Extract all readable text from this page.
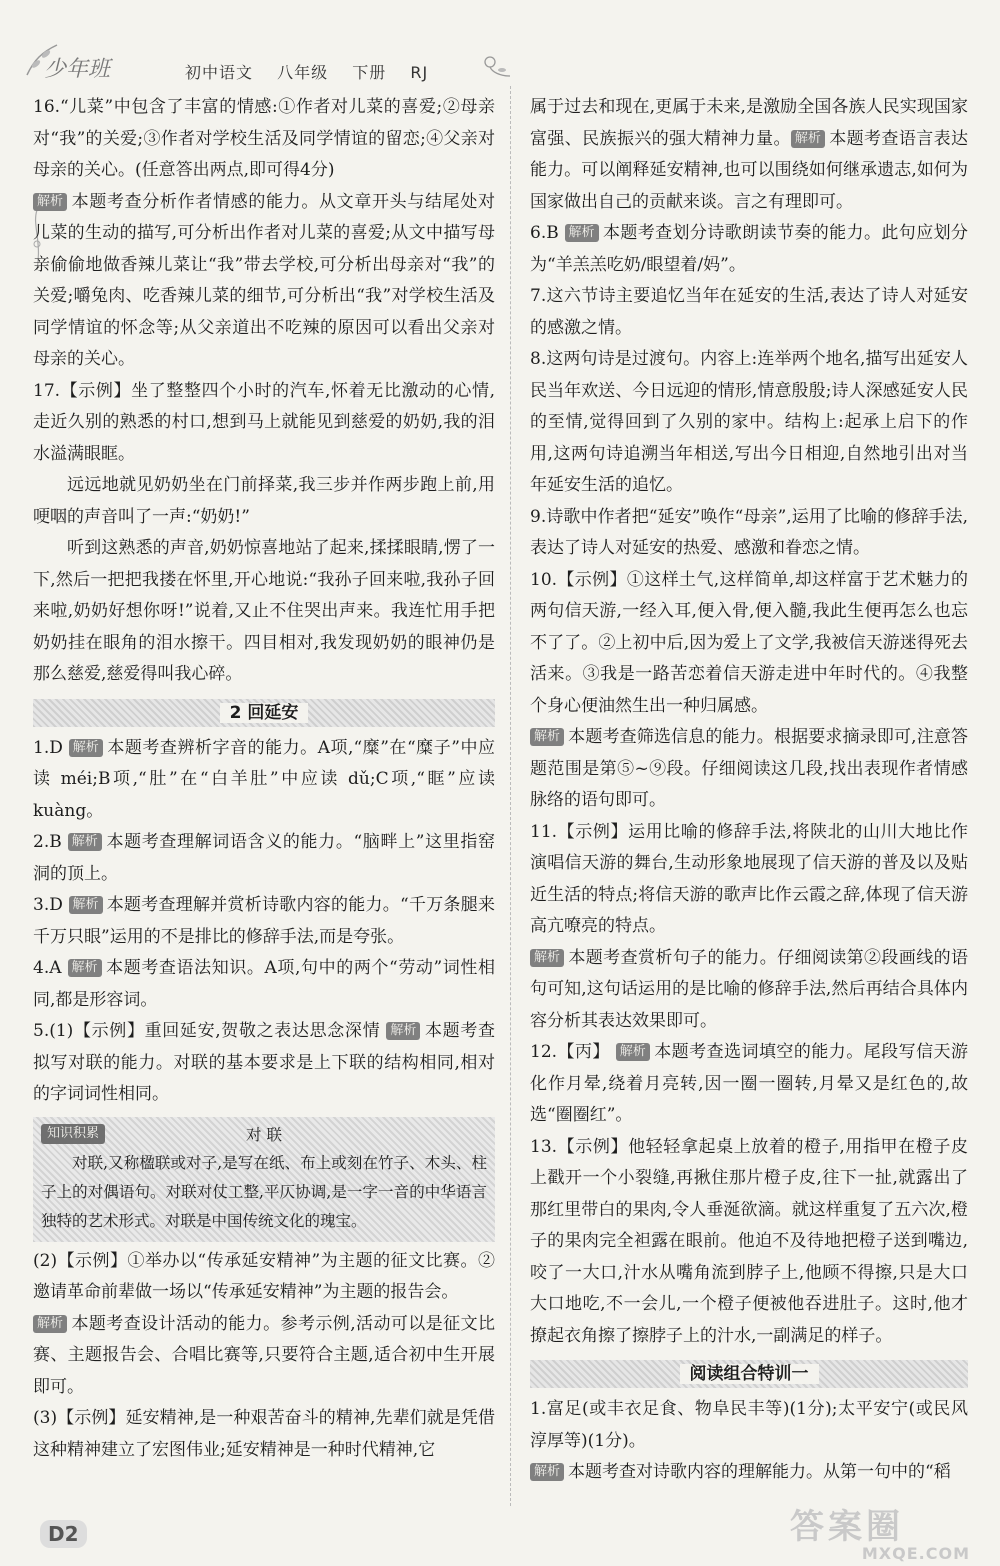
少年班	初中语文 八年级 下册 RJ

16.“儿菜”中包含了丰富的情感:①作者对儿菜的喜爱;②母亲对“我”的关爱;③作者对学校生活及同学情谊的留恋;④父亲对母亲的关心。(任意答出两点,即可得4分)

解析 本题考查分析作者情感的能力。从文章开头与结尾处对儿菜的生动的描写,可分析出作者对儿菜的喜爱;从文中描写母亲偷偷地做香辣儿菜让“我”带去学校,可分析出母亲对“我”的关爱;嚼兔肉、吃香辣儿菜的细节,可分析出“我”对学校生活及同学情谊的怀念等;从父亲道出不吃辣的原因可以看出父亲对母亲的关心。

17.【示例】坐了整整四个小时的汽车,怀着无比激动的心情,走近久别的熟悉的村口,想到马上就能见到慈爱的奶奶,我的泪水溢满眼眶。

远远地就见奶奶坐在门前择菜,我三步并作两步跑上前,用哽咽的声音叫了一声:“奶奶!”

听到这熟悉的声音,奶奶惊喜地站了起来,揉揉眼睛,愣了一下,然后一把把我搂在怀里,开心地说:“我孙子回来啦,我孙子回来啦,奶奶好想你呀!”说着,又止不住哭出声来。我连忙用手把奶奶挂在眼角的泪水擦干。四目相对,我发现奶奶的眼神仍是那么慈爱,慈爱得叫我心碎。

2 回延安

1.D 解析 本题考查辨析字音的能力。A项,“糜”在“糜子”中应读 méi;B项,“肚”在“白羊肚”中应读 dǔ;C项,“眶”应读 kuàng。

2.B 解析 本题考查理解词语含义的能力。“脑畔上”这里指窑洞的顶上。

3.D 解析 本题考查理解并赏析诗歌内容的能力。“千万条腿来千万只眼”运用的不是排比的修辞手法,而是夸张。

4.A 解析 本题考查语法知识。A项,句中的两个“劳动”词性相同,都是形容词。

5.(1)【示例】重回延安,贺敬之表达思念深情 解析 本题考查拟写对联的能力。对联的基本要求是上下联的结构相同,相对的字词词性相同。

知识积累	对 联

对联,又称楹联或对子,是写在纸、布上或刻在竹子、木头、柱子上的对偶语句。对联对仗工整,平仄协调,是一字一音的中华语言独特的艺术形式。对联是中国传统文化的瑰宝。

(2)【示例】①举办以“传承延安精神”为主题的征文比赛。②邀请革命前辈做一场以“传承延安精神”为主题的报告会。

解析 本题考查设计活动的能力。参考示例,活动可以是征文比赛、主题报告会、合唱比赛等,只要符合主题,适合初中生开展即可。

(3)【示例】延安精神,是一种艰苦奋斗的精神,先辈们就是凭借这种精神建立了宏图伟业;延安精神是一种时代精神,它

属于过去和现在,更属于未来,是激励全国各族人民实现国家富强、民族振兴的强大精神力量。 解析 本题考查语言表达能力。可以阐释延安精神,也可以围绕如何继承遗志,如何为国家做出自己的贡献来谈。言之有理即可。

6.B 解析 本题考查划分诗歌朗读节奏的能力。此句应划分为“羊羔羔吃奶/眼望着/妈”。

7.这六节诗主要追忆当年在延安的生活,表达了诗人对延安的感激之情。

8.这两句诗是过渡句。内容上:连举两个地名,描写出延安人民当年欢送、今日远迎的情形,情意殷殷;诗人深感延安人民的至情,觉得回到了久别的家中。结构上:起承上启下的作用,这两句诗追溯当年相送,写出今日相迎,自然地引出对当年延安生活的追忆。

9.诗歌中作者把“延安”唤作“母亲”,运用了比喻的修辞手法,表达了诗人对延安的热爱、感激和眷恋之情。

10.【示例】①这样土气,这样简单,却这样富于艺术魅力的两句信天游,一经入耳,便入骨,便入髓,我此生便再怎么也忘不了了。②上初中后,因为爱上了文学,我被信天游迷得死去活来。③我是一路苦恋着信天游走进中年时代的。④我整个身心便油然生出一种归属感。

解析 本题考查筛选信息的能力。根据要求摘录即可,注意答题范围是第⑤~⑨段。仔细阅读这几段,找出表现作者情感脉络的语句即可。

11.【示例】运用比喻的修辞手法,将陕北的山川大地比作演唱信天游的舞台,生动形象地展现了信天游的普及以及贴近生活的特点;将信天游的歌声比作云霞之辞,体现了信天游高亢嘹亮的特点。

解析 本题考查赏析句子的能力。仔细阅读第②段画线的语句可知,这句话运用的是比喻的修辞手法,然后再结合具体内容分析其表达效果即可。

12.【丙】 解析 本题考查选词填空的能力。尾段写信天游化作月晕,绕着月亮转,因一圈一圈转,月晕又是红色的,故选“圈圈红”。

13.【示例】他轻轻拿起桌上放着的橙子,用指甲在橙子皮上戳开一个小裂缝,再揪住那片橙子皮,往下一扯,就露出了那红里带白的果肉,令人垂涎欲滴。就这样重复了五六次,橙子的果肉完全袒露在眼前。他迫不及待地把橙子送到嘴边,咬了一大口,汁水从嘴角流到脖子上,他顾不得擦,只是大口大口地吃,不一会儿,一个橙子便被他吞进肚子。这时,他才撩起衣角擦了擦脖子上的汁水,一副满足的样子。

阅读组合特训一

1.富足(或丰衣足食、物阜民丰等)(1分);太平安宁(或民风淳厚等)(1分)。

解析 本题考查对诗歌内容的理解能力。从第一句中的“稻

D2	答案圈
MXQE.COM
